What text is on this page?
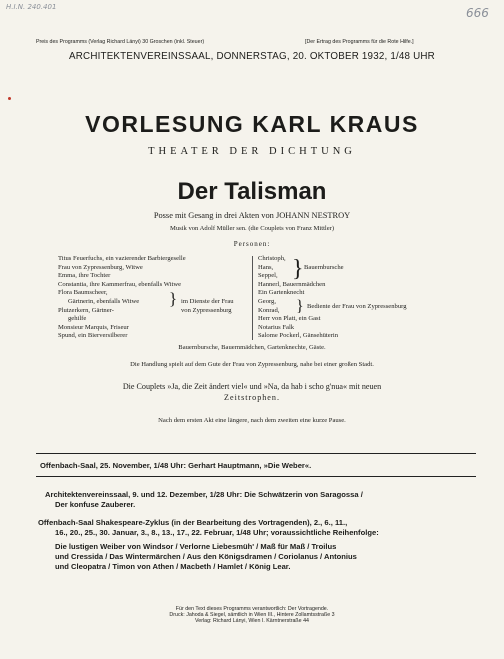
H.I.N. 240.401	666
Preis des Programms (Verlag Richard Lányi) 30 Groschen (inkl. Steuer)	[Der Ertrag des Programms für die Rote Hilfe.]
ARCHITEKTENVEREINSSAAL, DONNERSTAG, 20. OKTOBER 1932, 1/48 UHR
VORLESUNG KARL KRAUS
THEATER DER DICHTUNG
Der Talisman
Posse mit Gesang in drei Akten von JOHANN NESTROY
Musik von Adolf Müller sen. (die Couplets von Franz Mittler)
Personen:
Titus Feuerfuchs, ein vazierender Barbiergeselle
Frau von Zypressenburg, Witwe
Emma, ihre Tochter
Constantia, ihre Kammerfrau, ebenfalls Witwe
Flora Baumscheer,
Gärtnerin, ebenfalls Witwe
Plutzerkern, Gärtner-
gehilfe
Monsieur Marquis, Friseur
Spund, ein Bierversilberer
} im Dienste der Frau
von Zypressenburg
Christoph,
Hans,
Seppel,
Hannerl, Bauernmädchen
Ein Gartenknecht
Georg,
Konrad,
Herr von Platt, ein Gast
Notarius Falk
Salome Pockerl, Gänsehüterin
} Bauernbursche
} Bediente der Frau von Zypressenburg
Bauernbursche, Bauernmädchen, Gartenknechte, Gäste.
Die Handlung spielt auf dem Gute der Frau von Zypressenburg, nahe bei einer großen Stadt.
Die Couplets »Ja, die Zeit ändert viel« und »Na, da hab i scho g'nua« mit neuen
Zeitstrophen.
Nach dem ersten Akt eine längere, nach dem zweiten eine kurze Pause.
Offenbach-Saal, 25. November, 1/48 Uhr: Gerhart Hauptmann, »Die Weber«.
Architektenvereinssaal, 9. und 12. Dezember, 1/28 Uhr: Die Schwätzerin von Saragossa /
Der konfuse Zauberer.
Offenbach-Saal Shakespeare-Zyklus (in der Bearbeitung des Vortragenden), 2., 6., 11.,
16., 20., 25., 30. Januar, 3., 8., 13., 17., 22. Februar, 1/48 Uhr; voraussichtliche Reihenfolge:
Die lustigen Weiber von Windsor / Verlorne Liebesmüh' / Maß für Maß / Troilus
und Cressida / Das Wintermärchen / Aus den Königsdramen / Coriolanus / Antonius
und Cleopatra / Timon von Athen / Macbeth / Hamlet / König Lear.
Für den Text dieses Programms verantwortlich: Der Vortragende.
Druck: Jahoda & Siegel, sämtlich in Wien III., Hintere Zollamtsstraße 3
Verlag: Richard Lányi, Wien I. Kärntnerstraße 44
